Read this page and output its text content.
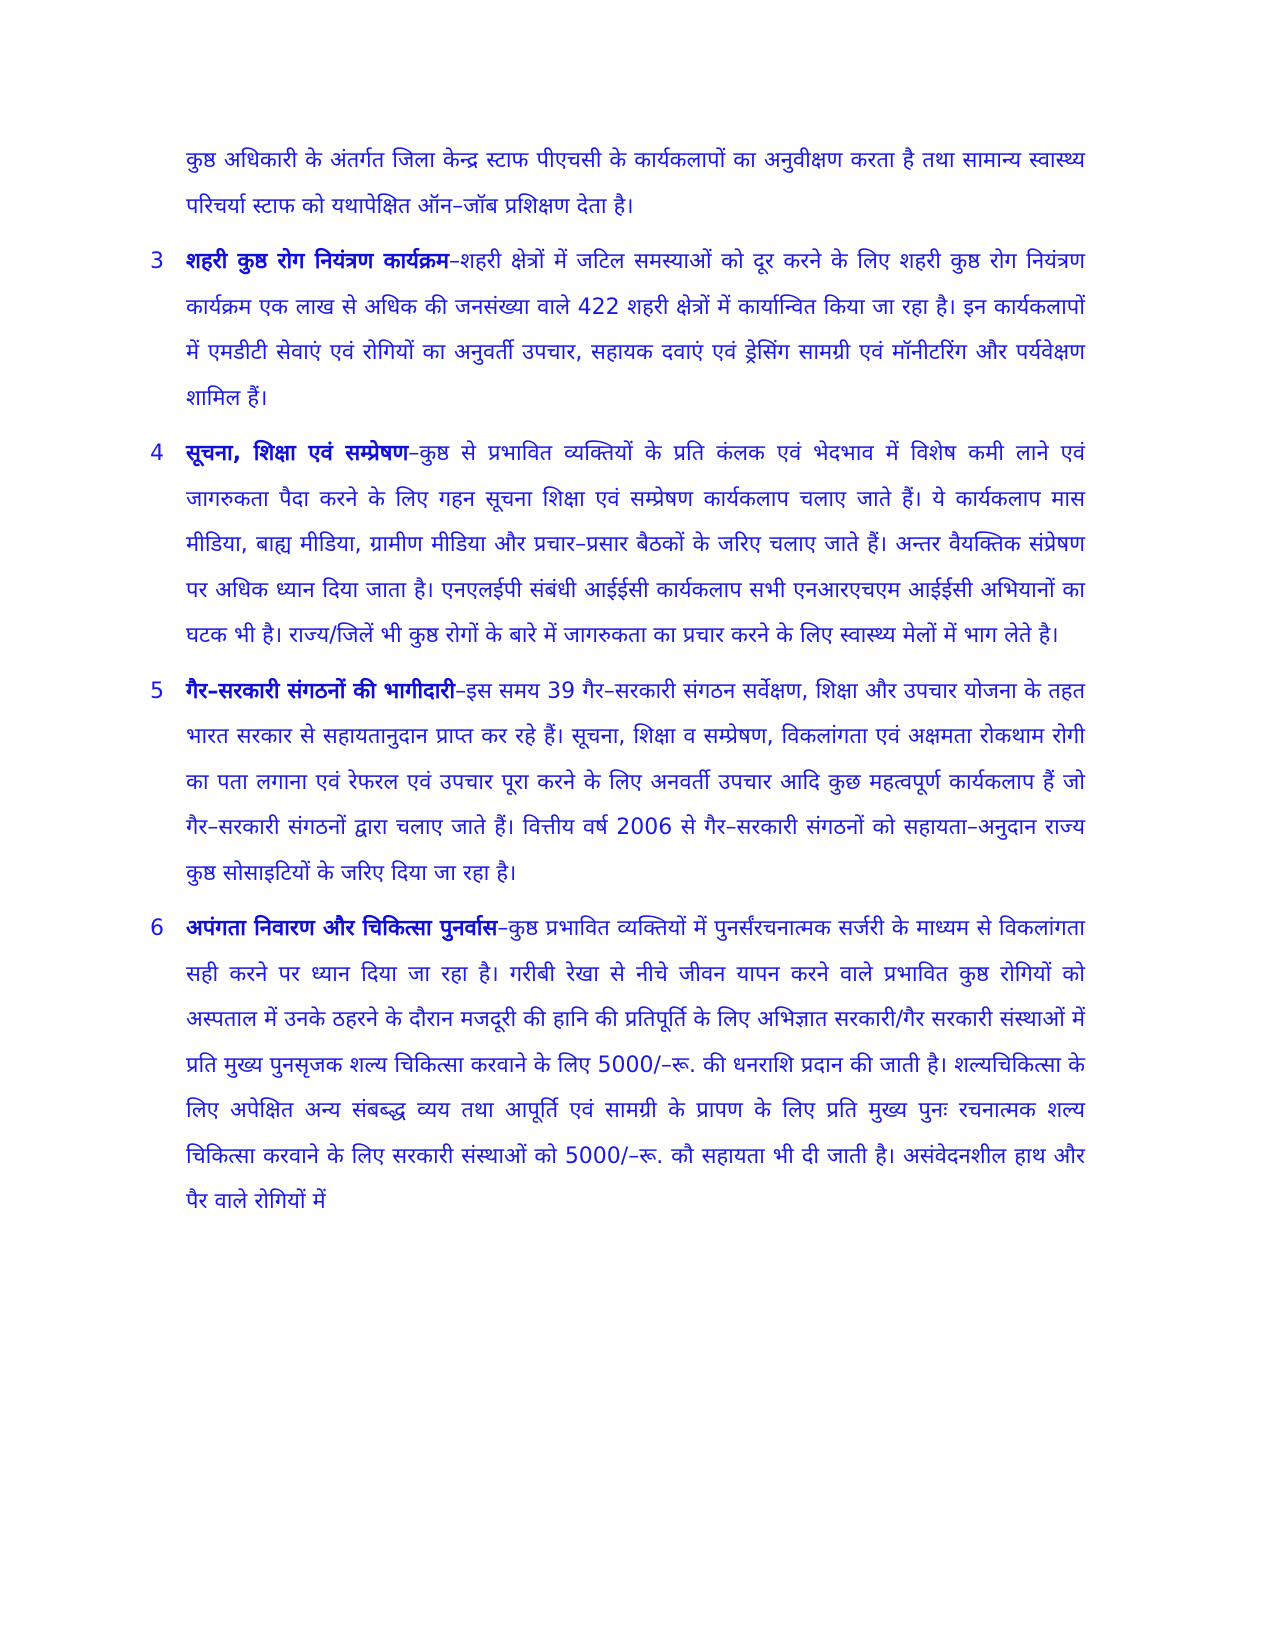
कुष्ठ अधिकारी के अंतर्गत जिला केन्द्र स्टाफ पीएचसी के कार्यकलापों का अनुवीक्षण करता है तथा सामान्य स्वास्थ्य परिचर्या स्टाफ को यथापेक्षित ऑन–जॉब प्रशिक्षण देता है।

3	शहरी कुष्ठ रोग नियंत्रण कार्यक्रम–शहरी क्षेत्रों में जटिल समस्याओं को दूर करने के लिए शहरी कुष्ठ रोग नियंत्रण कार्यक्रम एक लाख से अधिक की जनसंख्या वाले 422 शहरी क्षेत्रों में कार्यान्वित किया जा रहा है। इन कार्यकलापों में एमडीटी सेवाएं एवं रोगियों का अनुवर्ती उपचार, सहायक दवाएं एवं ड्रेसिंग सामग्री एवं मॉनीटरिंग और पर्यवेक्षण शामिल हैं।

4	सूचना, शिक्षा एवं सम्प्रेषण–कुष्ठ से प्रभावित व्यक्तियों के प्रति कंलक एवं भेदभाव में विशेष कमी लाने एवं जागरुकता पैदा करने के लिए गहन सूचना शिक्षा एवं सम्प्रेषण कार्यकलाप चलाए जाते हैं। ये कार्यकलाप मास मीडिया, बाह्य मीडिया, ग्रामीण मीडिया और प्रचार–प्रसार बैठकों के जरिए चलाए जाते हैं। अन्तर वैयक्तिक संप्रेषण पर अधिक ध्यान दिया जाता है। एनएलईपी संबंधी आईईसी कार्यकलाप सभी एनआरएचएम आईईसी अभियानों का घटक भी है। राज्य/जिलें भी कुष्ठ रोगों के बारे में जागरुकता का प्रचार करने के लिए स्वास्थ्य मेलों में भाग लेते है।

5	गैर–सरकारी संगठनों की भागीदारी–इस समय 39 गैर–सरकारी संगठन सर्वेक्षण, शिक्षा और उपचार योजना के तहत भारत सरकार से सहायतानुदान प्राप्त कर रहे हैं। सूचना, शिक्षा व सम्प्रेषण, विकलांगता एवं अक्षमता रोकथाम रोगी का पता लगाना एवं रेफरल एवं उपचार पूरा करने के लिए अनवर्ती उपचार आदि कुछ महत्वपूर्ण कार्यकलाप हैं जो गैर–सरकारी संगठनों द्वारा चलाए जाते हैं। वित्तीय वर्ष 2006 से गैर–सरकारी संगठनों को सहायता–अनुदान राज्य कुष्ठ सोसाइटियों के जरिए दिया जा रहा है।

6	अपंगता निवारण और चिकित्सा पुनर्वास–कुष्ठ प्रभावित व्यक्तियों में पुनर्संरचनात्मक सर्जरी के माध्यम से विकलांगता सही करने पर ध्यान दिया जा रहा है। गरीबी रेखा से नीचे जीवन यापन करने वाले प्रभावित कुष्ठ रोगियों को अस्पताल में उनके ठहरने के दौरान मजदूरी की हानि की प्रतिपूर्ति के लिए अभिज्ञात सरकारी/गैर सरकारी संस्थाओं में प्रति मुख्य पुनसृजक शल्य चिकित्सा करवाने के लिए 5000/–रू. की धनराशि प्रदान की जाती है। शल्यचिकित्सा के लिए अपेक्षित अन्य संबब्द्ध व्यय तथा आपूर्ति एवं सामग्री के प्रापण के लिए प्रति मुख्य पुनः रचनात्मक शल्य चिकित्सा करवाने के लिए सरकारी संस्थाओं को 5000/–रू. कौ सहायता भी दी जाती है। असंवेदनशील हाथ और पैर वाले रोगियों में
